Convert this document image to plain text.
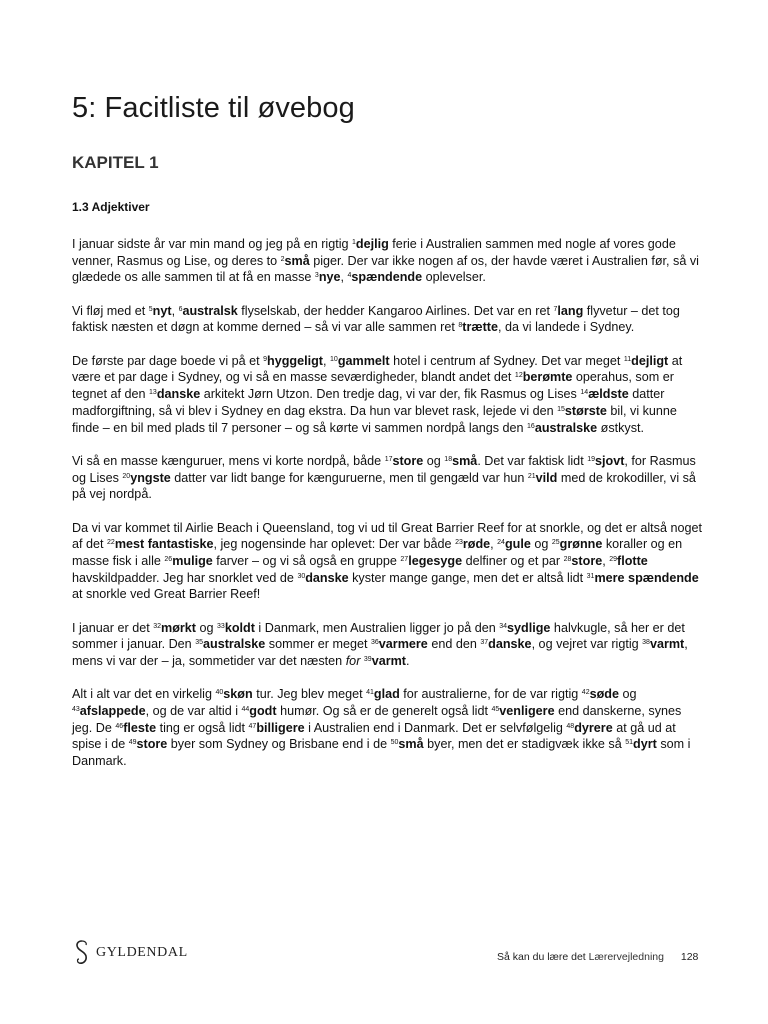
5: Facitliste til øvebog
KAPITEL 1
1.3 Adjektiver

I januar sidste år var min mand og jeg på en rigtig $^1$dejlig ferie i Australien sammen med nogle af vores gode venner, Rasmus og Lise, og deres to $^2$små piger. Der var ikke nogen af os, der havde været i Australien før, så vi glædede os alle sammen til at få en masse $^3$nye, $^4$spændende oplevelser.

Vi fløj med et $^5$nyt, $^6$australsk flyselskab, der hedder Kangaroo Airlines. Det var en ret $^7$lang flyvetur – det tog faktisk næsten et døgn at komme derned – så vi var alle sammen ret $^8$trætte, da vi landede i Sydney.

De første par dage boede vi på et $^9$hyggeligt, $^{10}$gammelt hotel i centrum af Sydney. Det var meget $^{11}$dejligt at være et par dage i Sydney, og vi så en masse seværdigheder, blandt andet det $^{12}$berømte operahus, som er tegnet af den $^{13}$danske arkitekt Jørn Utzon. Den tredje dag, vi var der, fik Rasmus og Lises $^{14}$ældste datter madforgiftning, så vi blev i Sydney en dag ekstra. Da hun var blevet rask, lejede vi den $^{15}$største bil, vi kunne finde – en bil med plads til 7 personer – og så kørte vi sammen nordpå langs den $^{16}$australske østkyst.

Vi så en masse kænguruer, mens vi korte nordpå, både $^{17}$store og $^{18}$små. Det var faktisk lidt $^{19}$sjovt, for Rasmus og Lises $^{20}$yngste datter var lidt bange for kænguruerne, men til gengæld var hun $^{21}$vild med de krokodiller, vi så på vej nordpå.

Da vi var kommet til Airlie Beach i Queensland, tog vi ud til Great Barrier Reef for at snorkle, og det er altså noget af det $^{22}$mest fantastiske, jeg nogensinde har oplevet: Der var både $^{23}$røde, $^{24}$gule og $^{25}$grønne koraller og en masse fisk i alle $^{26}$mulige farver – og vi så også en gruppe $^{27}$legesyge delfiner og et par $^{28}$store, $^{29}$flotte havskildpadder. Jeg har snorklet ved de $^{30}$danske kyster mange gange, men det er altså lidt $^{31}$mere spændende at snorkle ved Great Barrier Reef!

I januar er det $^{32}$mørkt og $^{33}$koldt i Danmark, men Australien ligger jo på den $^{34}$sydlige halvkugle, så her er det sommer i januar. Den $^{35}$australske sommer er meget $^{36}$varmere end den $^{37}$danske, og vejret var rigtig $^{38}$varmt, mens vi var der – ja, sommetider var det næsten for $^{39}$varmt.

Alt i alt var det en virkelig $^{40}$skøn tur. Jeg blev meget $^{41}$glad for australierne, for de var rigtig $^{42}$søde og $^{43}$afslappede, og de var altid i $^{44}$godt humør. Og så er de generelt også lidt $^{45}$venligere end danskerne, synes jeg. De $^{46}$fleste ting er også lidt $^{47}$billigere i Australien end i Danmark. Det er selvfølgelig $^{48}$dyrere at gå ud at spise i de $^{49}$store byer som Sydney og Brisbane end i de $^{50}$små byer, men det er stadigvæk ikke så $^{51}$dyrt som i Danmark.

GYLDENDAL	Så kan du lære det Lærervejledning 128
